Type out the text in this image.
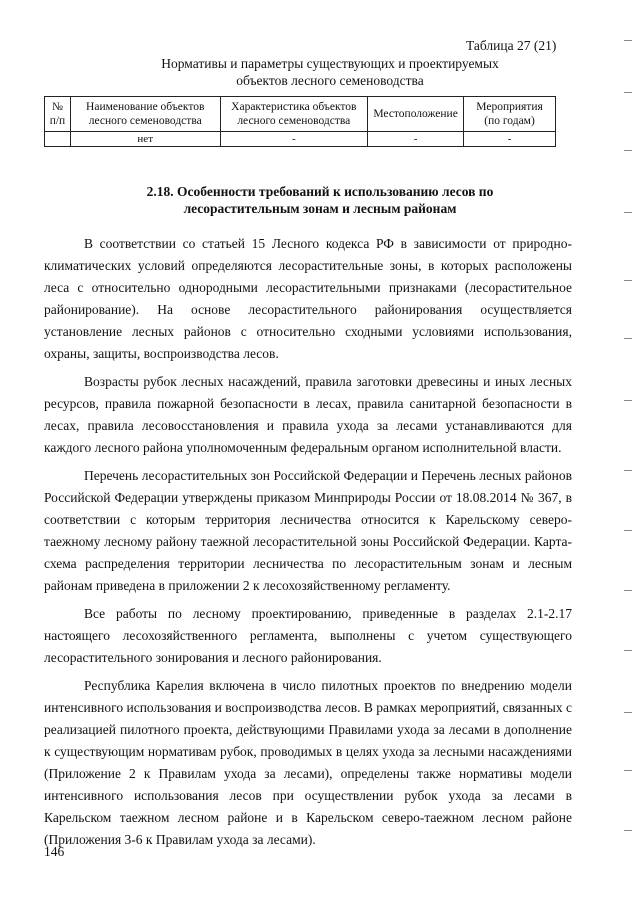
Таблица 27 (21)
Нормативы и параметры существующих и проектируемых
объектов лесного семеноводства
№ п/п	Наименование объектов лесного семеноводства	Характеристика объектов лесного семеноводства	Местоположение	Мероприятия (по годам)
	нет	-	-	-
2.18. Особенности требований к использованию лесов по
лесорастительным зонам и лесным районам

В соответствии со статьей 15 Лесного кодекса РФ в зависимости от природно-климатических условий определяются лесорастительные зоны, в которых расположены леса с относительно однородными лесорастительными признаками (лесорастительное районирование). На основе лесорастительного районирования осуществляется установление лесных районов с относительно сходными условиями использования, охраны, защиты, воспроизводства лесов.

Возрасты рубок лесных насаждений, правила заготовки древесины и иных лесных ресурсов, правила пожарной безопасности в лесах, правила санитарной безопасности в лесах, правила лесовосстановления и правила ухода за лесами устанавливаются для каждого лесного района уполномоченным федеральным органом исполнительной власти.

Перечень лесорастительных зон Российской Федерации и Перечень лесных районов Российской Федерации утверждены приказом Минприроды России от 18.08.2014 № 367, в соответствии с которым территория лесничества относится к Карельскому северо-таежному лесному району таежной лесорастительной зоны Российской Федерации. Карта-схема распределения территории лесничества по лесорастительным зонам и лесным районам приведена в приложении 2 к лесохозяйственному регламенту.

Все работы по лесному проектированию, приведенные в разделах 2.1-2.17 настоящего лесохозяйственного регламента, выполнены с учетом существующего лесорастительного зонирования и лесного районирования.

Республика Карелия включена в число пилотных проектов по внедрению модели интенсивного использования и воспроизводства лесов. В рамках мероприятий, связанных с реализацией пилотного проекта, действующими Правилами ухода за лесами в дополнение к существующим нормативам рубок, проводимых в целях ухода за лесными насаждениями (Приложение 2 к Правилам ухода за лесами), определены также нормативы модели интенсивного использования лесов при осуществлении рубок ухода за лесами в Карельском таежном лесном районе и в Карельском северо-таежном лесном районе (Приложения 3-6 к Правилам ухода за лесами).

146
